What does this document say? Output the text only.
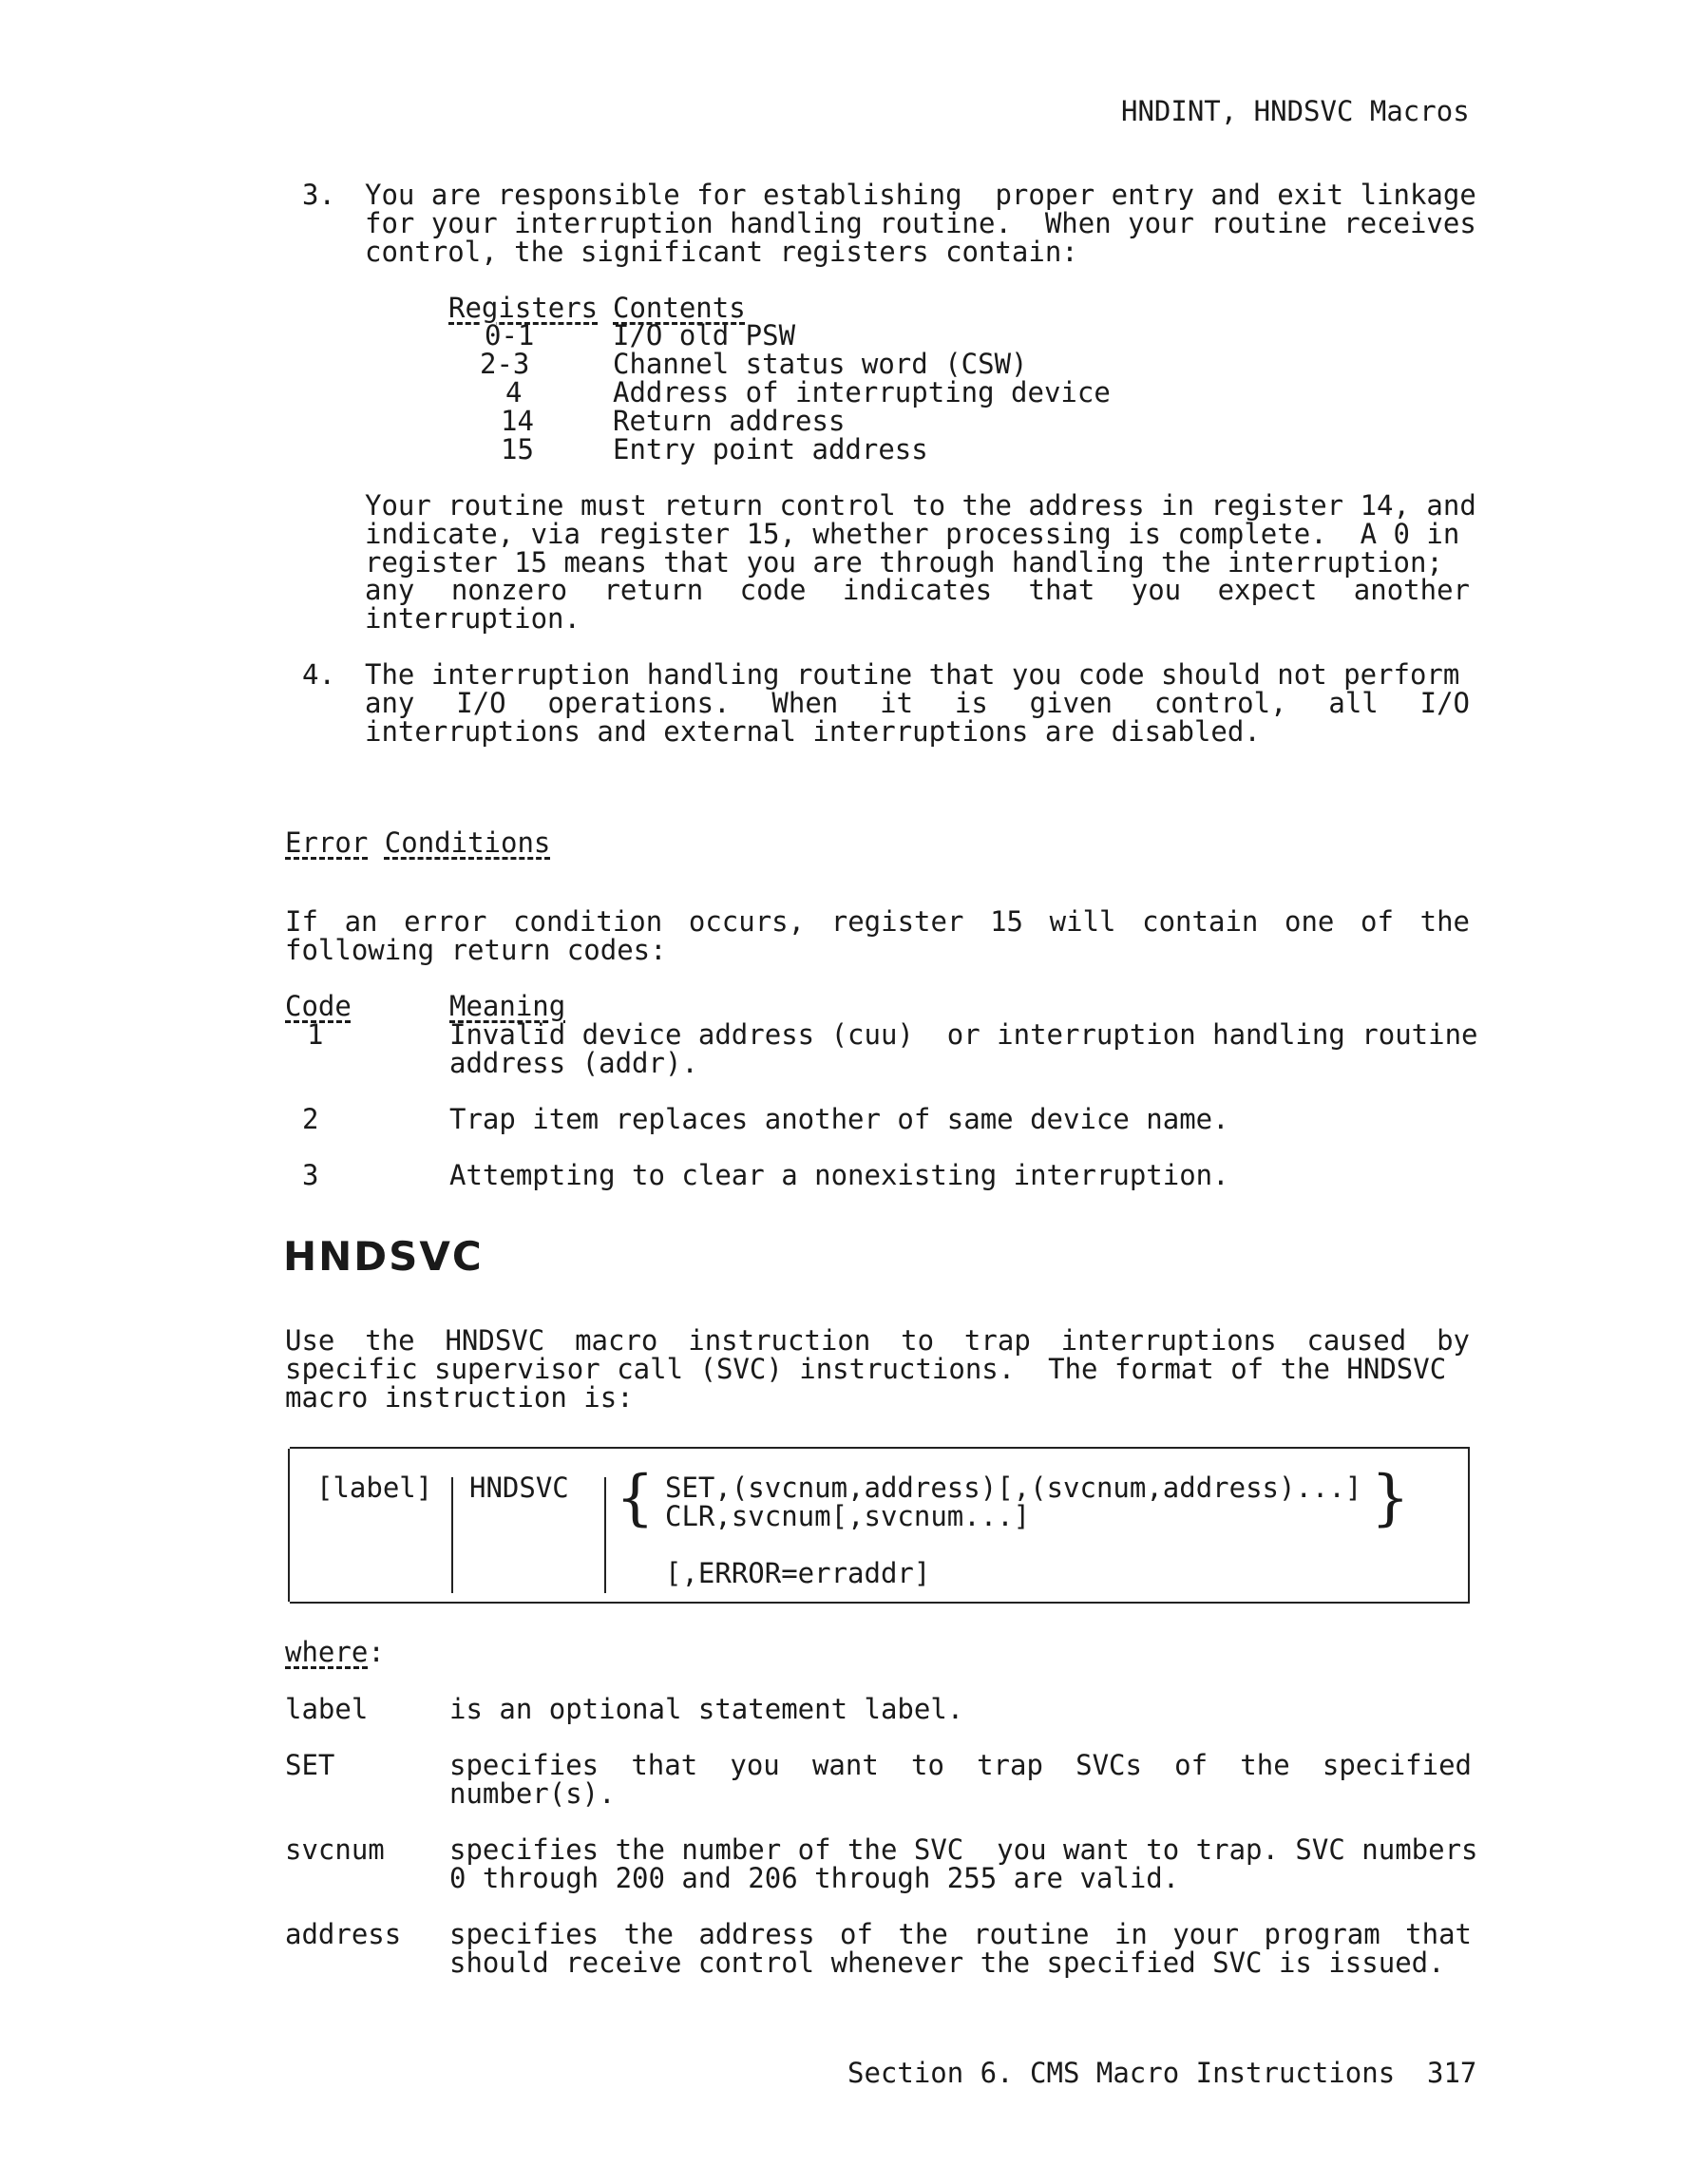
HNDINT, HNDSVC Macros
3. You are responsible for establishing  proper entry and exit linkage
for your interruption handling routine.  When your routine receives
control, the significant registers contain:
Registers Contents
0-1	I/O old PSW
2-3	Channel status word (CSW)
4	Address of interrupting device
14	Return address
15	Entry point address
Your routine must return control to the address in register 14, and
indicate, via register 15, whether processing is complete.  A 0 in
register 15 means that you are through handling the interruption;
any nonzero return code indicates that you expect another
interruption.
4. The interruption handling routine that you code should not perform
any I/O operations. When it is given control, all I/O
interruptions and external interruptions are disabled.
Error Conditions
If an error condition occurs, register 15 will contain one of the
following return codes:
Code	Meaning
1	Invalid device address (cuu)  or interruption handling routine
address (addr).
2	Trap item replaces another of same device name.
3	Attempting to clear a nonexisting interruption.
HNDSVC
Use the HNDSVC macro instruction to trap interruptions caused by
specific supervisor call (SVC) instructions.  The format of the HNDSVC
macro instruction is:
[label] HNDSVC {	}
SET,(svcnum,address)[,(svcnum,address)...]
CLR,svcnum[,svcnum...]
[,ERROR=erraddr]
where:
label	is an optional statement label.
SET	specifies that you want to trap SVCs of the specified
number(s).
svcnum specifies the number of the SVC  you want to trap. SVC numbers
0 through 200 and 206 through 255 are valid.
address specifies the address of the routine in your program that
should receive control whenever the specified SVC is issued.
Section 6. CMS Macro Instructions 317
